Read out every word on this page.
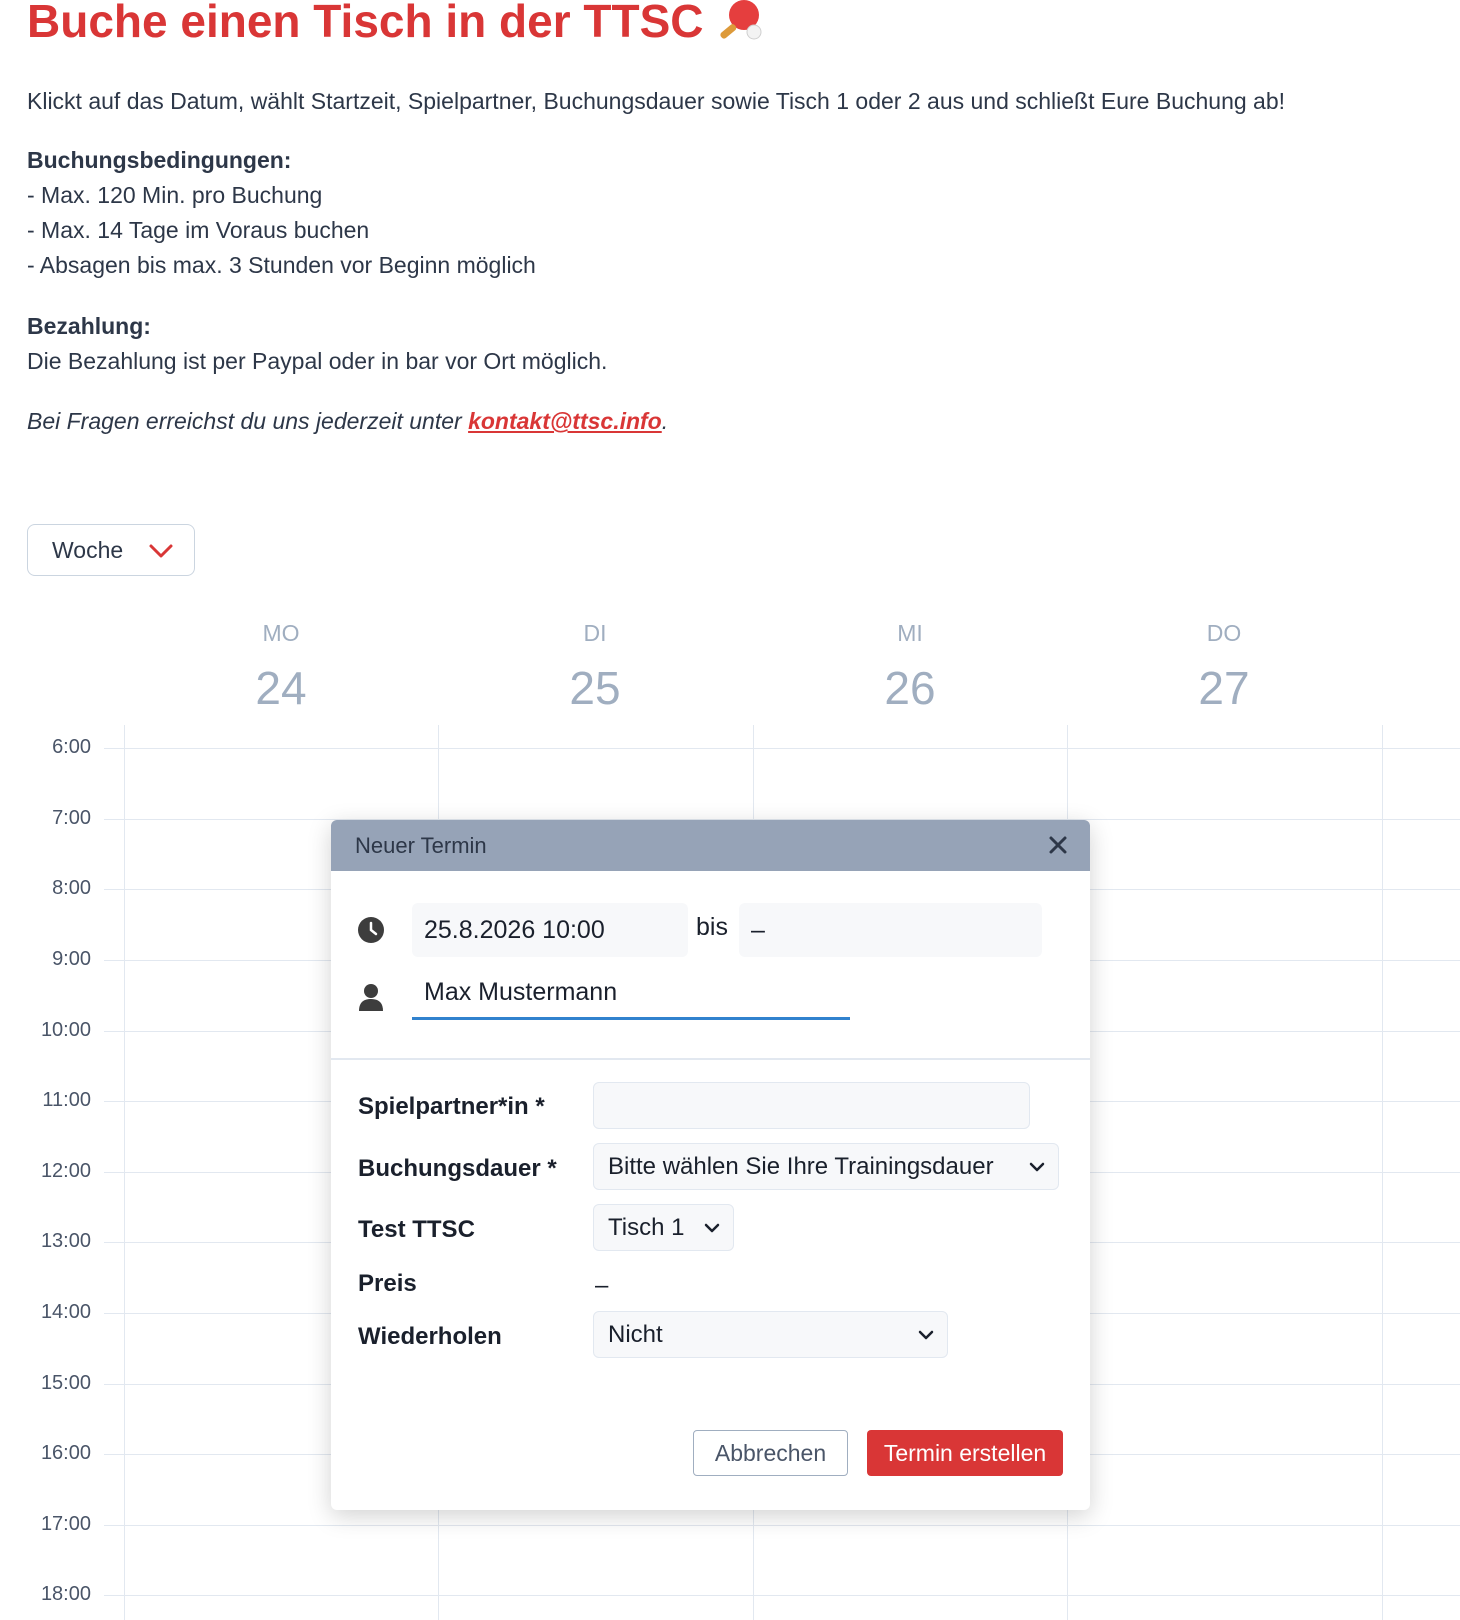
Buche einen Tisch in der TTSC

Klickt auf das Datum, wählt Startzeit, Spielpartner, Buchungsdauer sowie Tisch 1 oder 2 aus und schließt Eure Buchung ab!

Buchungsbedingungen:

- Max. 120 Min. pro Buchung

- Max. 14 Tage im Voraus buchen

- Absagen bis max. 3 Stunden vor Beginn möglich

Bezahlung:

Die Bezahlung ist per Paypal oder in bar vor Ort möglich.

Bei Fragen erreichst du uns jederzeit unter kontakt@ttsc.info.

Woche
MO
24
DI
25
MI
26
DO
27
6:00
7:00
8:00
9:00
10:00
11:00
12:00
13:00
14:00
15:00
16:00
17:00
18:00
Neuer Termin
25.8.2026 10:00	bis –
Max Mustermann
Spielpartner*in *
Buchungsdauer * Bitte wählen Sie Ihre Trainingsdauer
Test TTSC	Tisch 1
Preis	–
Wiederholen	Nicht
Abbrechen	Termin erstellen
